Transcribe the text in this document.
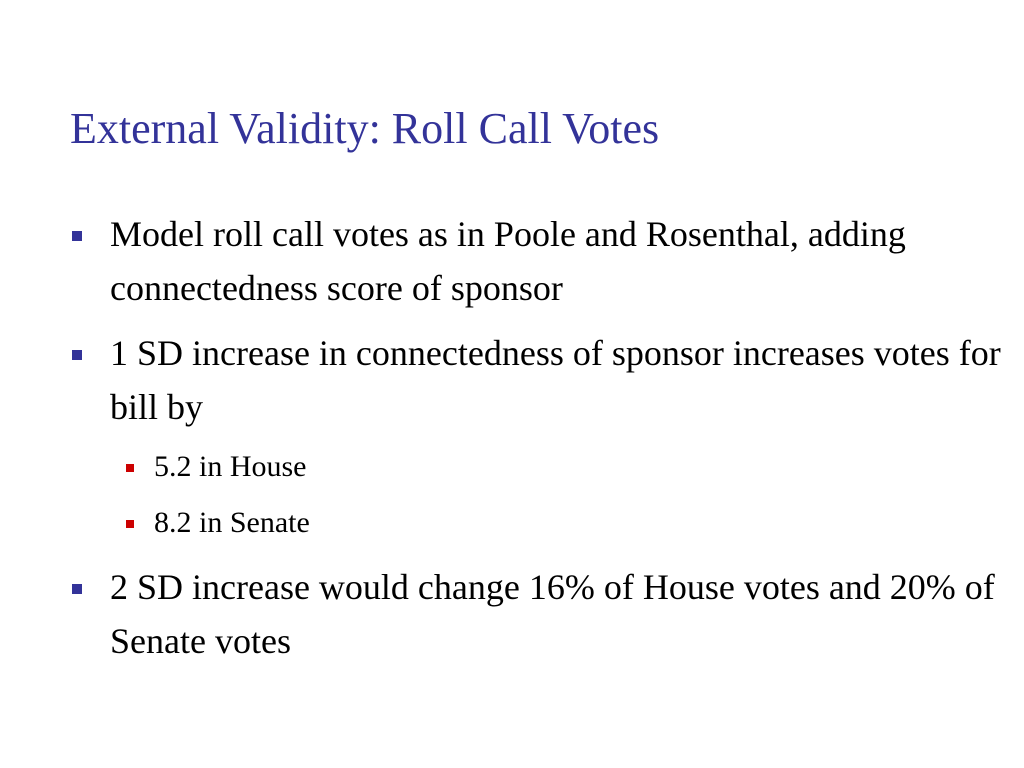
External Validity: Roll Call Votes

Model roll call votes as in Poole and Rosenthal, adding connectedness score of sponsor

1 SD increase in connectedness of sponsor increases votes for bill by

5.2 in House

8.2 in Senate

2 SD increase would change 16% of House votes and 20% of Senate votes
